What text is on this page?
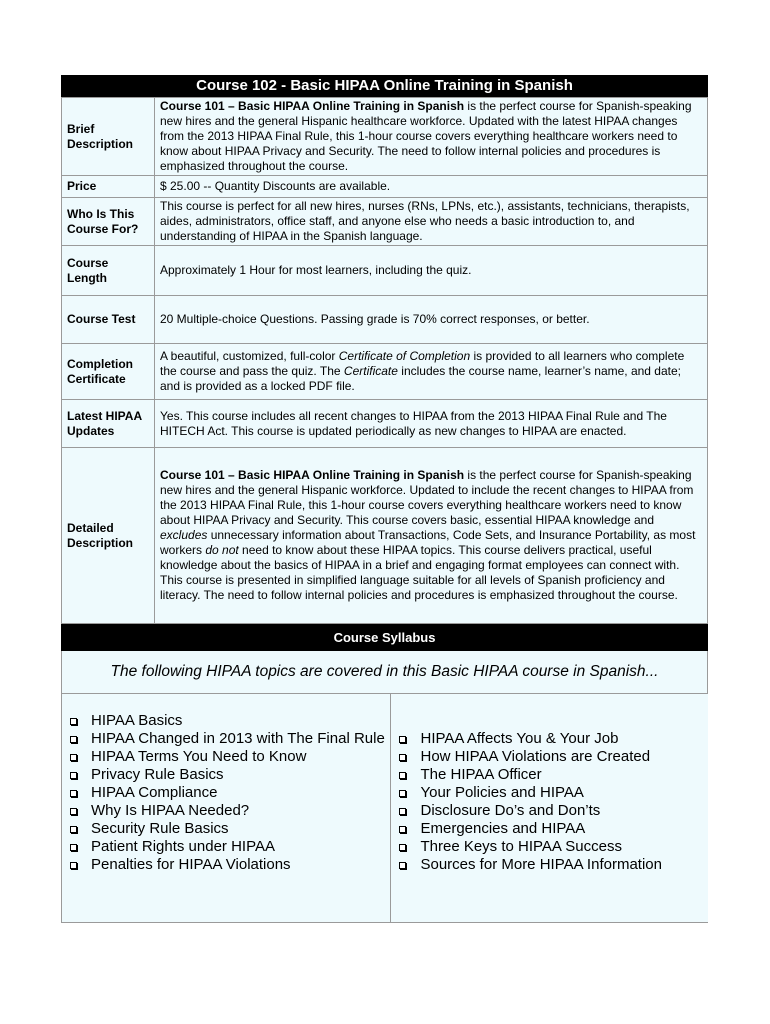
Course 102 - Basic HIPAA Online Training in Spanish
Brief Description	Course 101 – Basic HIPAA Online Training in Spanish is the perfect course for Spanish-speaking new hires and the general Hispanic healthcare workforce. Updated with the latest HIPAA changes from the 2013 HIPAA Final Rule, this 1-hour course covers everything healthcare workers need to know about HIPAA Privacy and Security. The need to follow internal policies and procedures is emphasized throughout the course.
Price	$ 25.00 -- Quantity Discounts are available.
Who Is This Course For?	This course is perfect for all new hires, nurses (RNs, LPNs, etc.), assistants, technicians, therapists, aides, administrators, office staff, and anyone else who needs a basic introduction to, and understanding of HIPAA in the Spanish language.
Course Length	Approximately 1 Hour for most learners, including the quiz.
Course Test	20 Multiple-choice Questions. Passing grade is 70% correct responses, or better.
Completion Certificate	A beautiful, customized, full-color Certificate of Completion is provided to all learners who complete the course and pass the quiz. The Certificate includes the course name, learner’s name, and date; and is provided as a locked PDF file.
Latest HIPAA Updates	Yes. This course includes all recent changes to HIPAA from the 2013 HIPAA Final Rule and The HITECH Act. This course is updated periodically as new changes to HIPAA are enacted.
Detailed Description	Course 101 – Basic HIPAA Online Training in Spanish is the perfect course for Spanish-speaking new hires and the general Hispanic workforce. Updated to include the recent changes to HIPAA from the 2013 HIPAA Final Rule, this 1-hour course covers everything healthcare workers need to know about HIPAA Privacy and Security. This course covers basic, essential HIPAA knowledge and excludes unnecessary information about Transactions, Code Sets, and Insurance Portability, as most workers do not need to know about these HIPAA topics. This course delivers practical, useful knowledge about the basics of HIPAA in a brief and engaging format employees can connect with. This course is presented in simplified language suitable for all levels of Spanish proficiency and literacy. The need to follow internal policies and procedures is emphasized throughout the course.
Course Syllabus
The following HIPAA topics are covered in this Basic HIPAA course in Spanish...
HIPAA Basics
HIPAA Changed in 2013 with The Final Rule
HIPAA Terms You Need to Know
Privacy Rule Basics
HIPAA Compliance
Why Is HIPAA Needed?
Security Rule Basics
Patient Rights under HIPAA
Penalties for HIPAA Violations
HIPAA Affects You & Your Job
How HIPAA Violations are Created
The HIPAA Officer
Your Policies and HIPAA
Disclosure Do’s and Don’ts
Emergencies and HIPAA
Three Keys to HIPAA Success
Sources for More HIPAA Information
